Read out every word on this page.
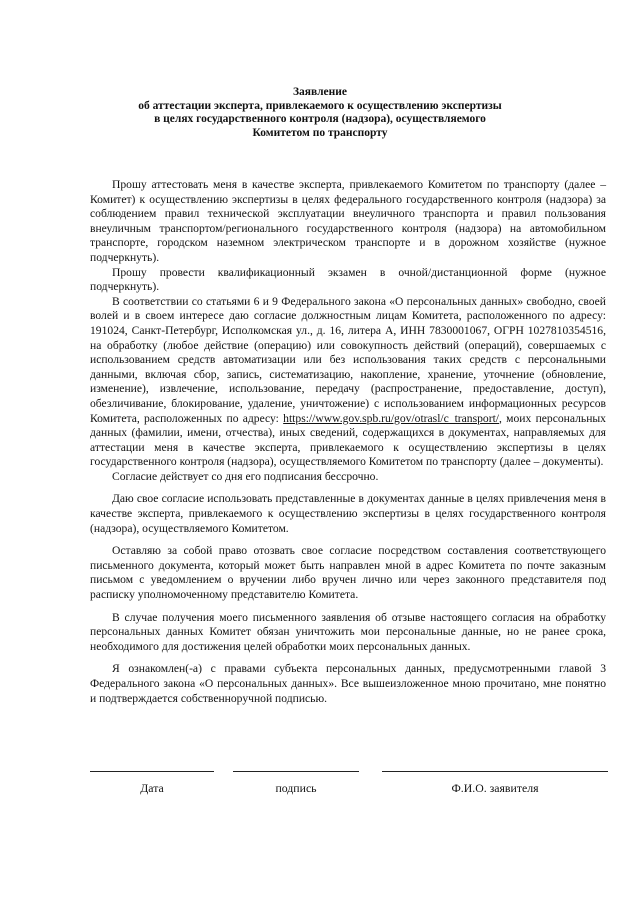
Заявление
об аттестации эксперта, привлекаемого к осуществлению экспертизы
в целях государственного контроля (надзора), осуществляемого
Комитетом по транспорту

Прошу аттестовать меня в качестве эксперта, привлекаемого Комитетом по транспорту (далее – Комитет) к осуществлению экспертизы в целях федерального государственного контроля (надзора) за соблюдением правил технической эксплуатации внеуличного транспорта и правил пользования внеуличным транспортом/регионального государственного контроля (надзора) на автомобильном транспорте, городском наземном электрическом транспорте и в дорожном хозяйстве (нужное подчеркнуть).

Прошу провести квалификационный экзамен в очной/дистанционной форме (нужное подчеркнуть).

В соответствии со статьями 6 и 9 Федерального закона «О персональных данных» свободно, своей волей и в своем интересе даю согласие должностным лицам Комитета, расположенного по адресу: 191024, Санкт-Петербург, Исполкомская ул., д. 16, литера А, ИНН 7830001067, ОГРН 1027810354516, на обработку (любое действие (операцию) или совокупность действий (операций), совершаемых с использованием средств автоматизации или без использования таких средств с персональными данными, включая сбор, запись, систематизацию, накопление, хранение, уточнение (обновление, изменение), извлечение, использование, передачу (распространение, предоставление, доступ), обезличивание, блокирование, удаление, уничтожение) с использованием информационных ресурсов Комитета, расположенных по адресу: https://www.gov.spb.ru/gov/otrasl/c_transport/, моих персональных данных (фамилии, имени, отчества), иных сведений, содержащихся в документах, направляемых для аттестации меня в качестве эксперта, привлекаемого к осуществлению экспертизы в целях государственного контроля (надзора), осуществляемого Комитетом по транспорту (далее – документы).

Согласие действует со дня его подписания бессрочно.

Даю свое согласие использовать представленные в документах данные в целях привлечения меня в качестве эксперта, привлекаемого к осуществлению экспертизы в целях государственного контроля (надзора), осуществляемого Комитетом.

Оставляю за собой право отозвать свое согласие посредством составления соответствующего письменного документа, который может быть направлен мной в адрес Комитета по почте заказным письмом с уведомлением о вручении либо вручен лично или через законного представителя под расписку уполномоченному представителю Комитета.

В случае получения моего письменного заявления об отзыве настоящего согласия на обработку персональных данных Комитет обязан уничтожить мои персональные данные, но не ранее срока, необходимого для достижения целей обработки моих персональных данных.

Я ознакомлен(-а) с правами субъекта персональных данных, предусмотренными главой 3 Федерального закона «О персональных данных». Все вышеизложенное мною прочитано, мне понятно и подтверждается собственноручной подписью.

Дата	подпись	Ф.И.О. заявителя
